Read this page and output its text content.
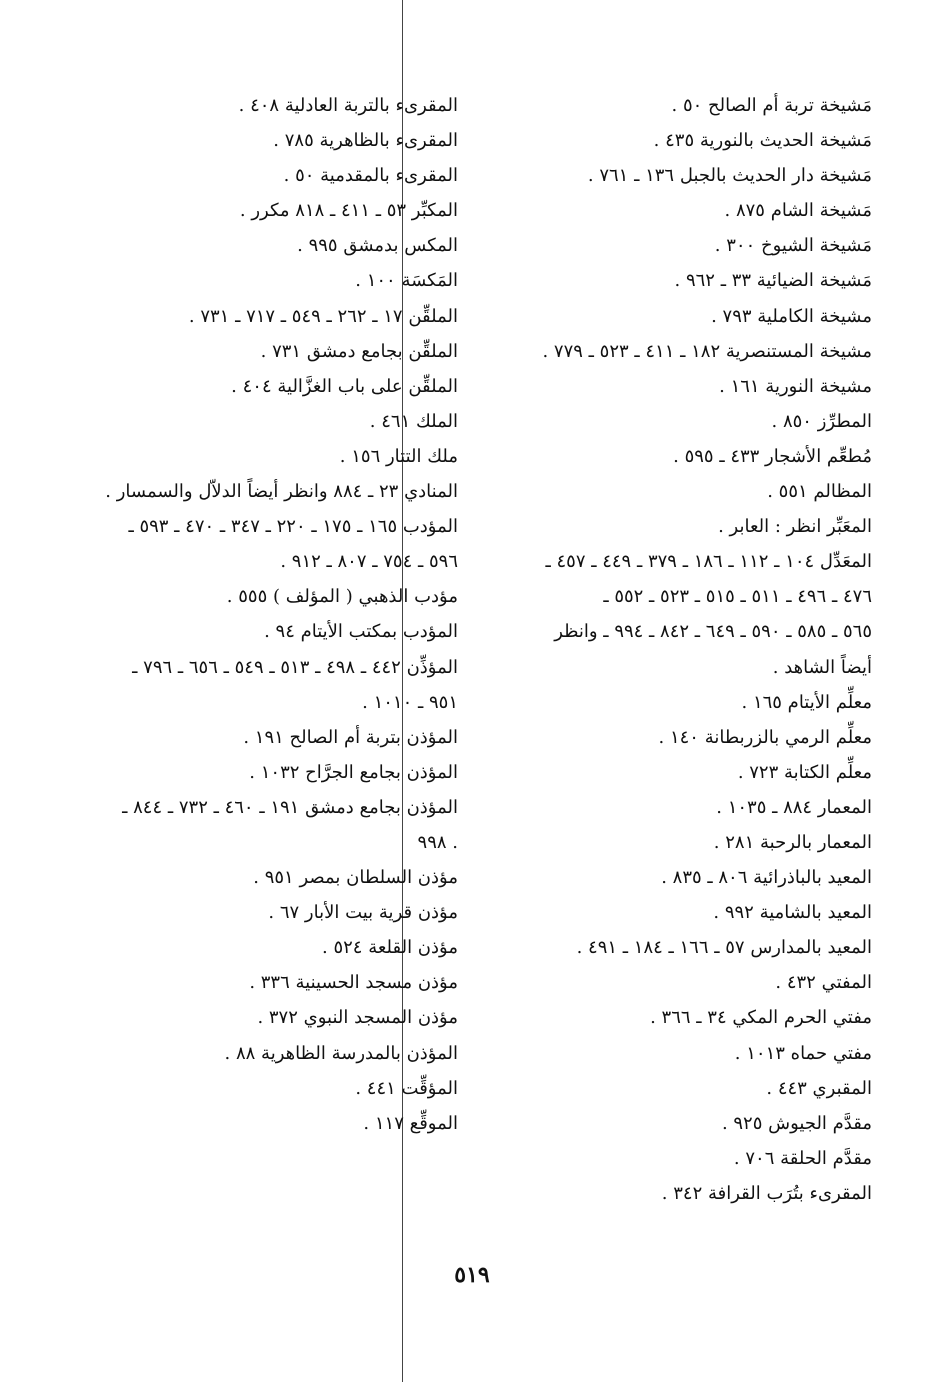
مَشيخة تربة أم الصالح ٥٠ .
مَشيخة الحديث بالنورية ٤٣٥ .
مَشيخة دار الحديث بالجبل ١٣٦ ـ ٧٦١ .
مَشيخة الشام ٨٧٥ .
مَشيخة الشيوخ ٣٠٠ .
مَشيخة الضيائية ٣٣ ـ ٩٦٢ .
مشيخة الكاملية ٧٩٣ .
مشيخة المستنصرية ١٨٢ ـ ٤١١ ـ ٥٢٣ ـ ٧٧٩ .
مشيخة النورية ١٦١ .
المطرِّز ٨٥٠ .
مُطعِّم الأشجار ٤٣٣ ـ ٥٩٥ .
المظالم ٥٥١ .
المعَبِّر انظر : العابر .
المعَدِّل ١٠٤ ـ ١١٢ ـ ١٨٦ ـ ٣٧٩ ـ ٤٤٩ ـ ٤٥٧ ـ
٤٧٦ ـ ٤٩٦ ـ ٥١١ ـ ٥١٥ ـ ٥٢٣ ـ ٥٥٢ ـ
٥٦٥ ـ ٥٨٥ ـ ٥٩٠ ـ ٦٤٩ ـ ٨٤٢ ـ ٩٩٤ ـ وانظر
أيضاً الشاهد .
معلِّم الأيتام ١٦٥ .
معلِّم الرمي بالزربطانة ١٤٠ .
معلِّم الكتابة ٧٢٣ .
المعمار ٨٨٤ ـ ١٠٣٥ .
المعمار بالرحبة ٢٨١ .
المعيد بالباذرائية ٨٠٦ ـ ٨٣٥ .
المعيد بالشامية ٩٩٢ .
المعيد بالمدارس ٥٧ ـ ١٦٦ ـ ١٨٤ ـ ٤٩١ .
المفتي ٤٣٢ .
مفتي الحرم المكي ٣٤ ـ ٣٦٦ .
مفتي حماه ١٠١٣ .
المقبري ٤٤٣ .
مقدَّم الجيوش ٩٢٥ .
مقدَّم الحلقة ٧٠٦ .
المقرىء بتُرَب القرافة ٣٤٢ .
المقرىء بالتربة العادلية ٤٠٨ .
المقرىء بالظاهرية ٧٨٥ .
المقرىء بالمقدمية ٥٠ .
المكبِّر ٥٣ ـ ٤١١ ـ ٨١٨ مكرر .
المكس بدمشق ٩٩٥ .
المَكسَة ١٠٠ .
الملقِّن ١٧ ـ ٢٦٢ ـ ٥٤٩ ـ ٧١٧ ـ ٧٣١ .
الملقِّن بجامع دمشق ٧٣١ .
الملقِّن على باب الغزَّالية ٤٠٤ .
الملك ٤٦١ .
ملك التتار ١٥٦ .
المنادي ٢٣ ـ ٨٨٤ وانظر أيضاً الدلاّل والسمسار .
المؤدب ١٦٥ ـ ١٧٥ ـ ٢٢٠ ـ ٣٤٧ ـ ٤٧٠ ـ ٥٩٣ ـ
٥٩٦ ـ ٧٥٤ ـ ٨٠٧ ـ ٩١٢ .
مؤدب الذهبي ( المؤلف ) ٥٥٥ .
المؤدب بمكتب الأيتام ٩٤ .
المؤذِّن ٤٤٢ ـ ٤٩٨ ـ ٥١٣ ـ ٥٤٩ ـ ٦٥٦ ـ ٧٩٦ ـ
٩٥١ ـ ١٠١٠ .
المؤذن بتربة أم الصالح ١٩١ .
المؤذن بجامع الجرَّاح ١٠٣٢ .
المؤذن بجامع دمشق ١٩١ ـ ٤٦٠ ـ ٧٣٢ ـ ٨٤٤ ـ
٩٩٨ .
مؤذن السلطان بمصر ٩٥١ .
مؤذن قرية بيت الأبار ٦٧ .
مؤذن القلعة ٥٢٤ .
مؤذن مسجد الحسينية ٣٣٦ .
مؤذن المسجد النبوي ٣٧٢ .
المؤذن بالمدرسة الظاهرية ٨٨ .
المؤقِّت ٤٤١ .
الموقِّع ١١٧ .
٥١٩
